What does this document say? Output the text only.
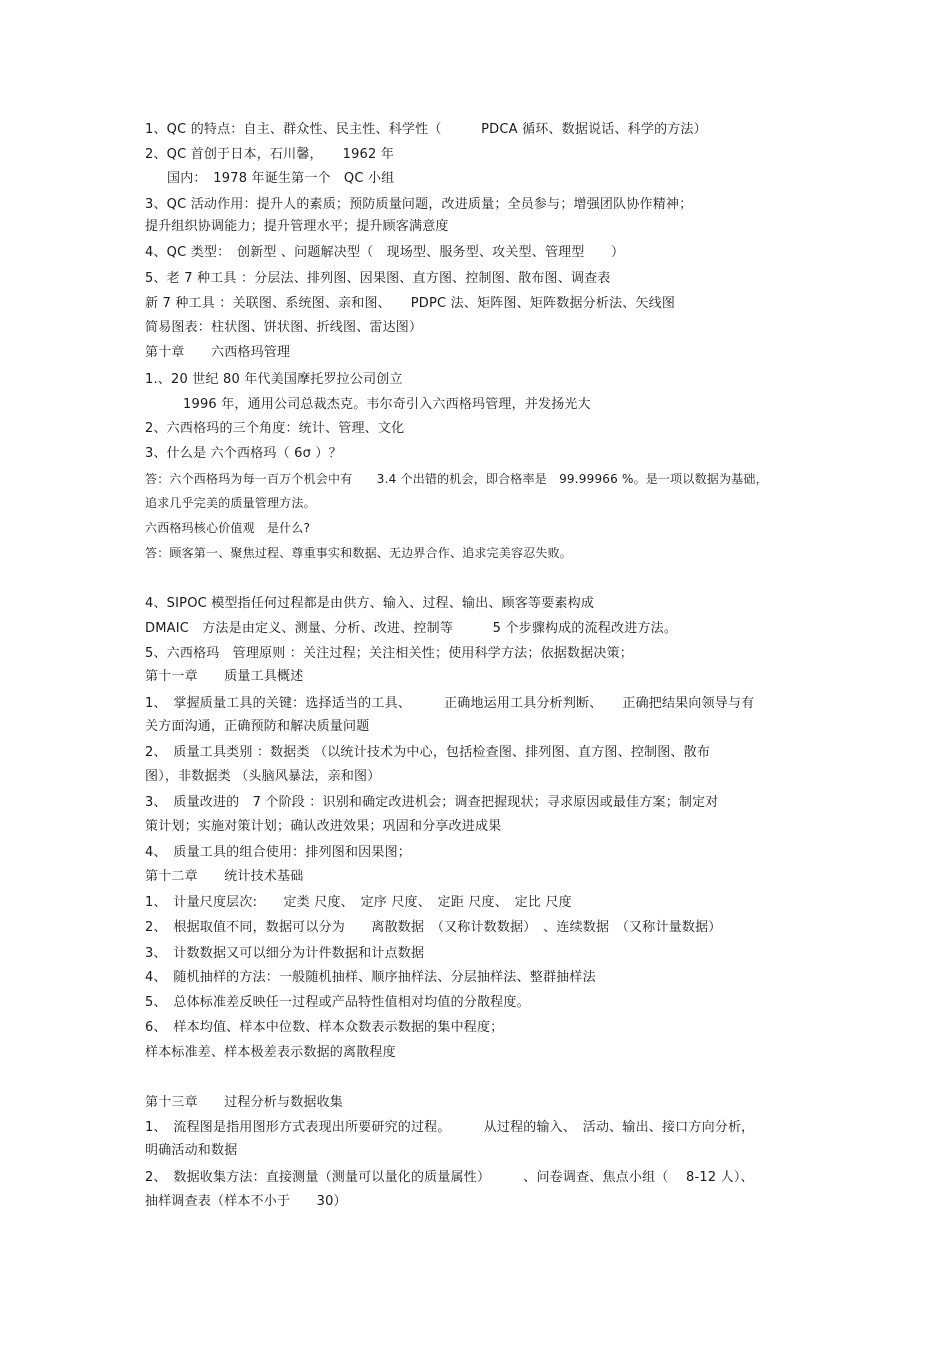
1、QC 的特点：自主、群众性、民主性、科学性（　　　PDCA 循环、数据说话、科学的方法）
2、QC 首创于日本，石川馨，　　1962 年
国内：　1978 年诞生第一个　QC 小组
3、QC 活动作用：提升人的素质；预防质量问题，改进质量；全员参与；增强团队协作精神；
提升组织协调能力；提升管理水平；提升顾客满意度
4、QC 类型：　创新型 、问题解决型（　现场型、服务型、攻关型、管理型　　）
5、老 7 种工具 ：分层法、排列图、因果图、直方图、控制图、散布图、调查表
新 7 种工具 ：关联图、系统图、亲和图、　　PDPC 法、矩阵图、矩阵数据分析法、矢线图
简易图表：柱状图、饼状图、折线图、雷达图）
第十章　　六西格玛管理
1.、20 世纪 80 年代美国摩托罗拉公司创立
1996 年，通用公司总裁杰克。韦尔奇引入六西格玛管理，并发扬光大
2、六西格玛的三个角度：统计、管理、文化
3、什么是 六个西格玛（ 6σ ）？
答：六个西格玛为每一百万个机会中有　　3.4 个出错的机会，即合格率是　99.99966 %。是一项以数据为基础，
追求几乎完美的质量管理方法。
六西格玛核心价值观　是什么?
答：顾客第一、聚焦过程、尊重事实和数据、无边界合作、追求完美容忍失败。
4、SIPOC 模型指任何过程都是由供方、输入、过程、输出、顾客等要素构成
DMAIC　方法是由定义、测量、分析、改进、控制等　　　5 个步骤构成的流程改进方法。
5、六西格玛　管理原则 ：关注过程；关注相关性；使用科学方法；依据数据决策；
第十一章　　质量工具概述
1、　掌握质量工具的关键：选择适当的工具、　　　正确地运用工具分析判断、　　正确把结果向领导与有
关方面沟通，正确预防和解决质量问题
2、　质量工具类别 ：数据类 （以统计技术为中心，包括检查图、排列图、直方图、控制图、散布
图），非数据类 （头脑风暴法，亲和图）
3、　质量改进的　7 个阶段 ：识别和确定改进机会；调查把握现状；寻求原因或最佳方案；制定对
策计划；实施对策计划；确认改进效果；巩固和分享改进成果
4、　质量工具的组合使用：排列图和因果图；
第十二章　　统计技术基础
1、　计量尺度层次:　　定类 尺度、　定序 尺度、　定距 尺度、　定比 尺度
2、　根据取值不同，数据可以分为　　离散数据　（又称计数数据）　、连续数据　（又称计量数据）
3、　计数数据又可以细分为计件数据和计点数据
4、　随机抽样的方法：一般随机抽样、顺序抽样法、分层抽样法、整群抽样法
5、　总体标准差反映任一过程或产品特性值相对均值的分散程度。
6、　样本均值、样本中位数、样本众数表示数据的集中程度；
样本标准差、样本极差表示数据的离散程度
第十三章　　过程分析与数据收集
1、　流程图是指用图形方式表现出所要研究的过程。　　　从过程的输入、　活动、输出、接口方向分析，
明确活动和数据
2、　数据收集方法：直接测量（测量可以量化的质量属性）　　　、问卷调查、焦点小组（　 8-12 人）、
抽样调查表（样本不小于　　30）
